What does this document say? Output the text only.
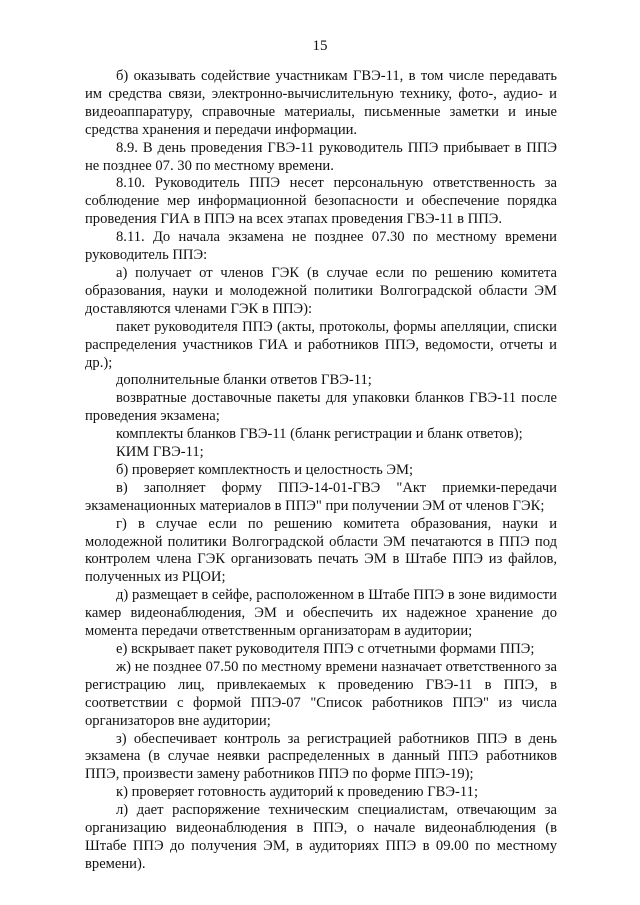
15

б) оказывать содействие участникам ГВЭ-11, в том числе передавать им средства связи, электронно-вычислительную технику, фото-, аудио- и видеоаппаратуру, справочные материалы, письменные заметки и иные средства хранения и передачи информации.

8.9. В день проведения ГВЭ-11 руководитель ППЭ прибывает в ППЭ не позднее 07. 30 по местному времени.

8.10. Руководитель ППЭ несет персональную ответственность за соблюдение мер информационной безопасности и обеспечение порядка проведения ГИА в ППЭ на всех этапах проведения ГВЭ-11 в ППЭ.

8.11. До начала экзамена не позднее 07.30 по местному времени руководитель ППЭ:

а) получает от членов ГЭК (в случае если по решению комитета образования, науки и молодежной политики Волгоградской области ЭМ доставляются членами ГЭК в ППЭ):

пакет руководителя ППЭ (акты, протоколы, формы апелляции, списки распределения участников ГИА и работников ППЭ, ведомости, отчеты и др.);

дополнительные бланки ответов ГВЭ-11;

возвратные доставочные пакеты для упаковки бланков ГВЭ-11 после проведения экзамена;

комплекты бланков ГВЭ-11 (бланк регистрации и бланк ответов);

КИМ ГВЭ-11;

б) проверяет комплектность и целостность ЭМ;

в) заполняет форму ППЭ-14-01-ГВЭ "Акт приемки-передачи экзаменационных материалов в ППЭ" при получении ЭМ от членов ГЭК;

г) в случае если по решению комитета образования, науки и молодежной политики Волгоградской области ЭМ печатаются в ППЭ под контролем члена ГЭК организовать печать ЭМ в Штабе ППЭ из файлов, полученных из РЦОИ;

д) размещает в сейфе, расположенном в Штабе ППЭ в зоне видимости камер видеонаблюдения, ЭМ и обеспечить их надежное хранение до момента передачи ответственным организаторам в аудитории;

е) вскрывает пакет руководителя ППЭ с отчетными формами ППЭ;

ж) не позднее 07.50 по местному времени назначает ответственного за регистрацию лиц, привлекаемых к проведению ГВЭ-11 в ППЭ, в соответствии с формой ППЭ-07 "Список работников ППЭ" из числа организаторов вне аудитории;

з) обеспечивает контроль за регистрацией работников ППЭ в день экзамена (в случае неявки распределенных в данный ППЭ работников ППЭ, произвести замену работников ППЭ по форме ППЭ-19);

к) проверяет готовность аудиторий к проведению ГВЭ-11;

л) дает распоряжение техническим специалистам, отвечающим за организацию видеонаблюдения в ППЭ, о начале видеонаблюдения (в Штабе ППЭ до получения ЭМ, в аудиториях ППЭ в 09.00 по местному времени).
